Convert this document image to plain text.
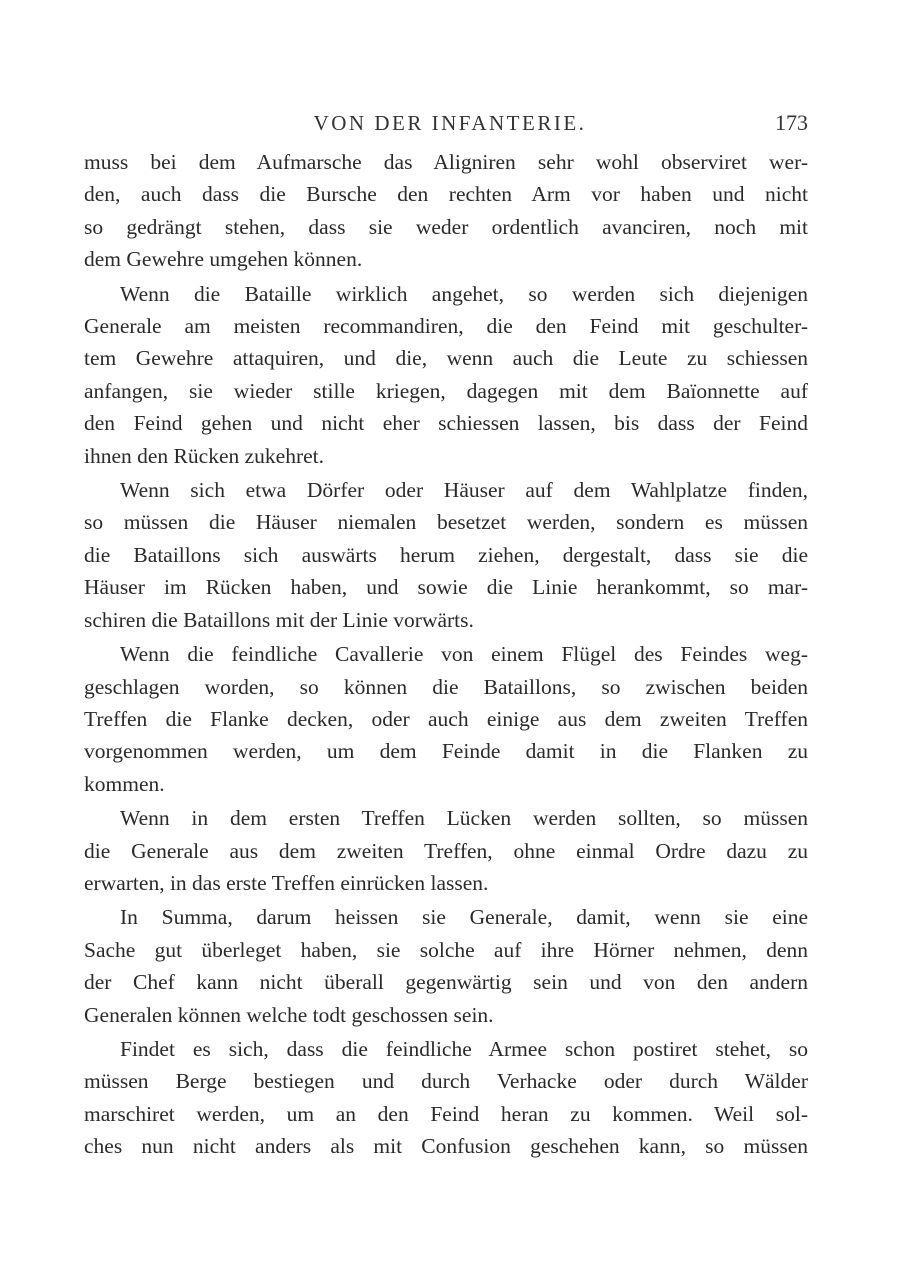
VON DER INFANTERIE.	173

muss bei dem Aufmarsche das Aligniren sehr wohl observiret wer-
den, auch dass die Bursche den rechten Arm vor haben und nicht
so gedrängt stehen, dass sie weder ordentlich avanciren, noch mit
dem Gewehre umgehen können.

Wenn die Bataille wirklich angehet, so werden sich diejenigen
Generale am meisten recommandiren, die den Feind mit geschulter-
tem Gewehre attaquiren, und die, wenn auch die Leute zu schiessen
anfangen, sie wieder stille kriegen, dagegen mit dem Baïonnette auf
den Feind gehen und nicht eher schiessen lassen, bis dass der Feind
ihnen den Rücken zukehret.

Wenn sich etwa Dörfer oder Häuser auf dem Wahlplatze finden,
so müssen die Häuser niemalen besetzet werden, sondern es müssen
die Bataillons sich auswärts herum ziehen, dergestalt, dass sie die
Häuser im Rücken haben, und sowie die Linie herankommt, so mar-
schiren die Bataillons mit der Linie vorwärts.

Wenn die feindliche Cavallerie von einem Flügel des Feindes weg-
geschlagen worden, so können die Bataillons, so zwischen beiden
Treffen die Flanke decken, oder auch einige aus dem zweiten Treffen
vorgenommen werden, um dem Feinde damit in die Flanken zu
kommen.

Wenn in dem ersten Treffen Lücken werden sollten, so müssen
die Generale aus dem zweiten Treffen, ohne einmal Ordre dazu zu
erwarten, in das erste Treffen einrücken lassen.

In Summa, darum heissen sie Generale, damit, wenn sie eine
Sache gut überleget haben, sie solche auf ihre Hörner nehmen, denn
der Chef kann nicht überall gegenwärtig sein und von den andern
Generalen können welche todt geschossen sein.

Findet es sich, dass die feindliche Armee schon postiret stehet, so
müssen Berge bestiegen und durch Verhacke oder durch Wälder
marschiret werden, um an den Feind heran zu kommen. Weil sol-
ches nun nicht anders als mit Confusion geschehen kann, so müssen
